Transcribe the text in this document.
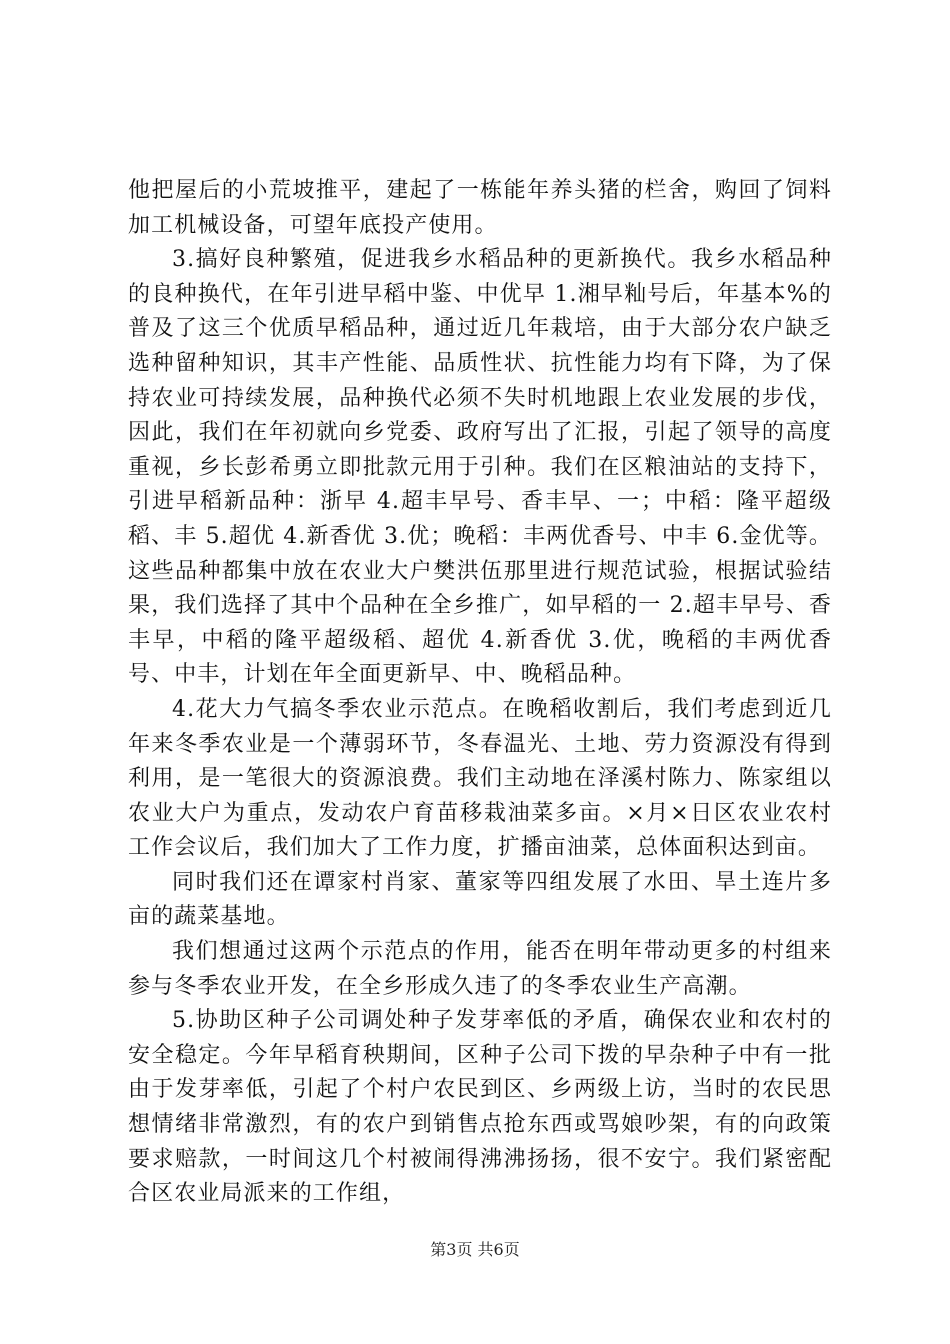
他把屋后的小荒坡推平，建起了一栋能年养头猪的栏舍，购回了饲料加工机械设备，可望年底投产使用。

3.搞好良种繁殖，促进我乡水稻品种的更新换代。我乡水稻品种的良种换代，在年引进早稻中鉴、中优早 1.湘早籼号后，年基本%的普及了这三个优质早稻品种，通过近几年栽培，由于大部分农户缺乏选种留种知识，其丰产性能、品质性状、抗性能力均有下降，为了保持农业可持续发展，品种换代必须不失时机地跟上农业发展的步伐，因此，我们在年初就向乡党委、政府写出了汇报，引起了领导的高度重视，乡长彭希勇立即批款元用于引种。我们在区粮油站的支持下，引进早稻新品种：浙早 4.超丰早号、香丰早、一；中稻：隆平超级稻、丰 5.超优 4.新香优 3.优；晚稻：丰两优香号、中丰 6.金优等。这些品种都集中放在农业大户樊洪伍那里进行规范试验，根据试验结果，我们选择了其中个品种在全乡推广，如早稻的一 2.超丰早号、香丰早，中稻的隆平超级稻、超优 4.新香优 3.优，晚稻的丰两优香号、中丰，计划在年全面更新早、中、晚稻品种。

4.花大力气搞冬季农业示范点。在晚稻收割后，我们考虑到近几年来冬季农业是一个薄弱环节，冬春温光、土地、劳力资源没有得到利用，是一笔很大的资源浪费。我们主动地在泽溪村陈力、陈家组以农业大户为重点，发动农户育苗移栽油菜多亩。×月×日区农业农村工作会议后，我们加大了工作力度，扩播亩油菜，总体面积达到亩。

同时我们还在谭家村肖家、董家等四组发展了水田、旱土连片多亩的蔬菜基地。

我们想通过这两个示范点的作用，能否在明年带动更多的村组来参与冬季农业开发，在全乡形成久违了的冬季农业生产高潮。

5.协助区种子公司调处种子发芽率低的矛盾，确保农业和农村的安全稳定。今年早稻育秧期间，区种子公司下拨的早杂种子中有一批由于发芽率低，引起了个村户农民到区、乡两级上访，当时的农民思想情绪非常激烈，有的农户到销售点抢东西或骂娘吵架，有的向政策要求赔款，一时间这几个村被闹得沸沸扬扬，很不安宁。我们紧密配合区农业局派来的工作组，

第3页 共6页
